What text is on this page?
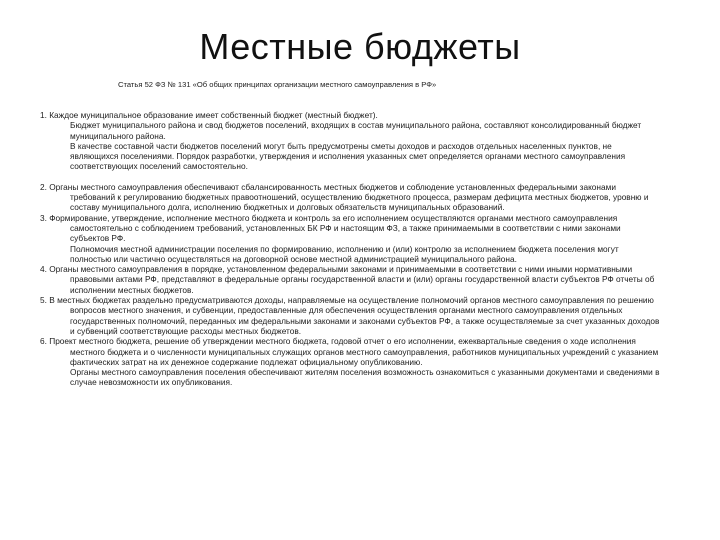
Местные бюджеты
Статья 52 ФЗ № 131 «Об общих принципах организации местного самоуправления в РФ»

1. Каждое муниципальное образование имеет собственный бюджет (местный бюджет).

Бюджет муниципального района и свод бюджетов поселений, входящих в состав муниципального района, составляют консолидированный бюджет муниципального района.

В качестве составной части бюджетов поселений могут быть предусмотрены сметы доходов и расходов отдельных населенных пунктов, не являющихся поселениями. Порядок разработки, утверждения и исполнения указанных смет определяется органами местного самоуправления соответствующих поселений самостоятельно.

2. Органы местного самоуправления обеспечивают сбалансированность местных бюджетов и соблюдение установленных федеральными законами требований к регулированию бюджетных правоотношений, осуществлению бюджетного процесса, размерам дефицита местных бюджетов, уровню и составу муниципального долга, исполнению бюджетных и долговых обязательств муниципальных образований.

3. Формирование, утверждение, исполнение местного бюджета и контроль за его исполнением осуществляются органами местного самоуправления самостоятельно с соблюдением требований, установленных БК РФ и настоящим ФЗ, а также принимаемыми в соответствии с ними законами субъектов РФ.

Полномочия местной администрации поселения по формированию, исполнению и (или) контролю за исполнением бюджета поселения могут полностью или частично осуществляться на договорной основе местной администрацией муниципального района.

4. Органы местного самоуправления в порядке, установленном федеральными законами и принимаемыми в соответствии с ними иными нормативными правовыми актами РФ, представляют в федеральные органы государственной власти и (или) органы государственной власти субъектов РФ отчеты об исполнении местных бюджетов.

5. В местных бюджетах раздельно предусматриваются доходы, направляемые на осуществление полномочий органов местного самоуправления по решению вопросов местного значения, и субвенции, предоставленные для обеспечения осуществления органами местного самоуправления отдельных государственных полномочий, переданных им федеральными законами и законами субъектов РФ, а также осуществляемые за счет указанных доходов и субвенций соответствующие расходы местных бюджетов.

6. Проект местного бюджета, решение об утверждении местного бюджета, годовой отчет о его исполнении, ежеквартальные сведения о ходе исполнения местного бюджета и о численности муниципальных служащих органов местного самоуправления, работников муниципальных учреждений с указанием фактических затрат на их денежное содержание подлежат официальному опубликованию.

Органы местного самоуправления поселения обеспечивают жителям поселения возможность ознакомиться с указанными документами и сведениями в случае невозможности их опубликования.
